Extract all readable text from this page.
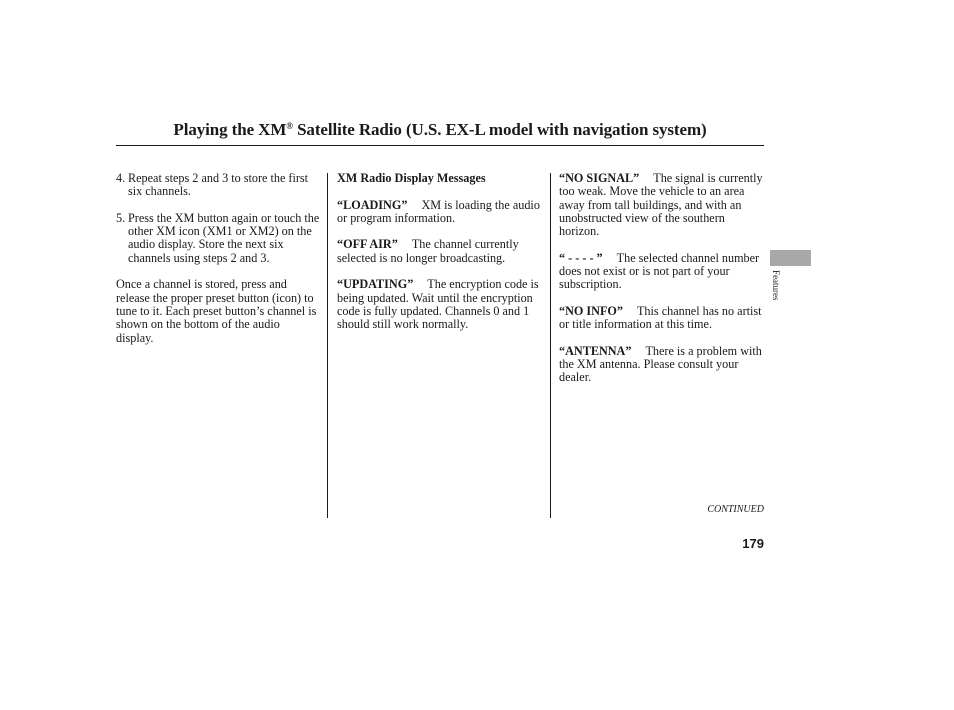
Playing the XM® Satellite Radio (U.S. EX-L model with navigation system)
4. Repeat steps 2 and 3 to store the first six channels.
5. Press the XM button again or touch the other XM icon (XM1 or XM2) on the audio display. Store the next six channels using steps 2 and 3.

Once a channel is stored, press and release the proper preset button (icon) to tune to it. Each preset button’s channel is shown on the bottom of the audio display.

XM Radio Display Messages

“LOADING” XM is loading the audio or program information.

“OFF AIR” The channel currently selected is no longer broadcasting.

“UPDATING” The encryption code is being updated. Wait until the encryption code is fully updated. Channels 0 and 1 should still work normally.

“NO SIGNAL” The signal is currently too weak. Move the vehicle to an area away from tall buildings, and with an unobstructed view of the southern horizon.

“ - - - - ” The selected channel number does not exist or is not part of your subscription.

“NO INFO” This channel has no artist or title information at this time.

“ANTENNA” There is a problem with the XM antenna. Please consult your dealer.

Features
CONTINUED
179
